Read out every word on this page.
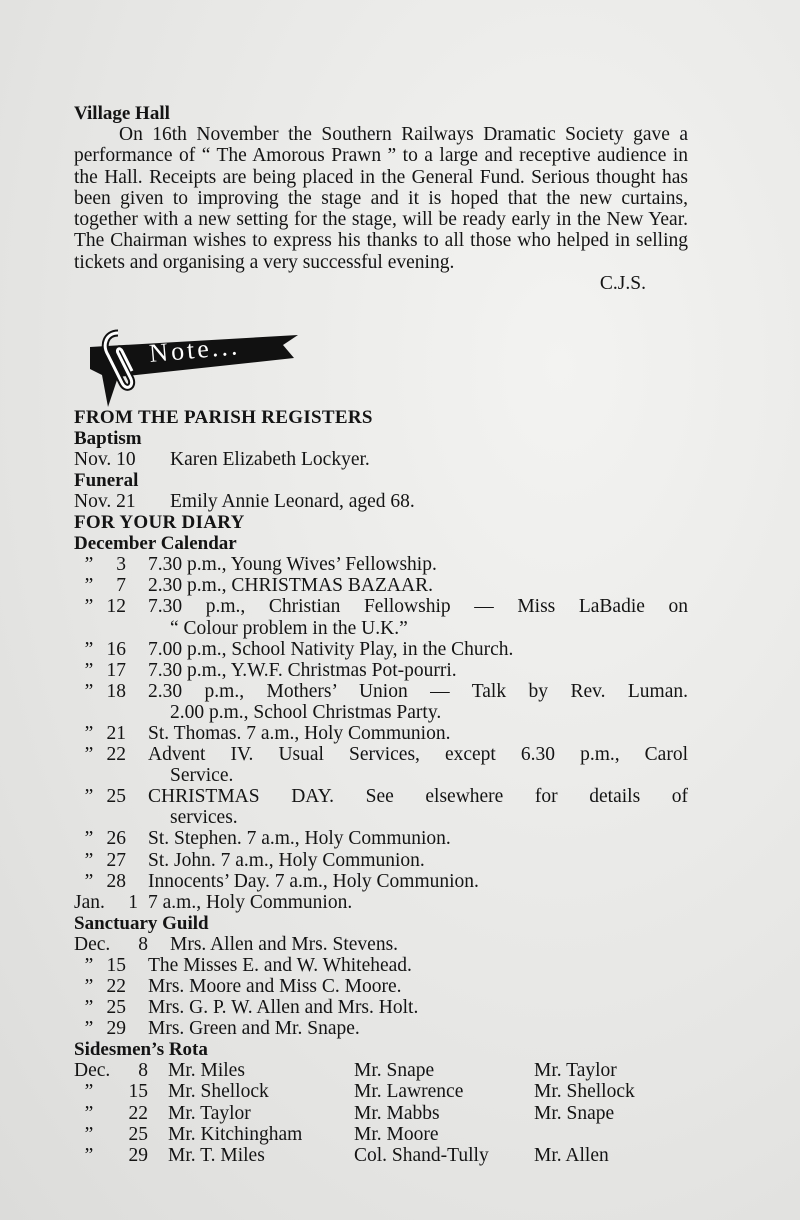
Note...
Village Hall

On 16th November the Southern Railways Dramatic Society gave a performance of “ The Amorous Prawn ” to a large and receptive audience in the Hall. Receipts are being placed in the General Fund. Serious thought has been given to improving the stage and it is hoped that the new curtains, together with a new setting for the stage, will be ready early in the New Year. The Chairman wishes to express his thanks to all those who helped in selling tickets and organising a very successful evening.

C.J.S.

FROM THE PARISH REGISTERS
Baptism
Nov. 10	Karen Elizabeth Lockyer.
Funeral
Nov. 21	Emily Annie Leonard, aged 68.
FOR YOUR DIARY
December Calendar
”	3	7.30 p.m., Young Wives’ Fellowship.
”	7	2.30 p.m., CHRISTMAS BAZAAR.
” 12	7.30 p.m., Christian Fellowship — Miss LaBadie on
“ Colour problem in the U.K.”
” 16	7.00 p.m., School Nativity Play, in the Church.
” 17	7.30 p.m., Y.W.F. Christmas Pot-pourri.
” 18	2.30 p.m., Mothers’ Union — Talk by Rev. Luman.
2.00 p.m., School Christmas Party.
” 21	St. Thomas. 7 a.m., Holy Communion.
” 22	Advent IV. Usual Services, except 6.30 p.m., Carol
Service.
” 25	CHRISTMAS DAY. See elsewhere for details of
services.
” 26	St. Stephen. 7 a.m., Holy Communion.
” 27	St. John. 7 a.m., Holy Communion.
” 28	Innocents’ Day. 7 a.m., Holy Communion.
Jan.	1 7 a.m., Holy Communion.
Sanctuary Guild
Dec.	8 Mrs. Allen and Mrs. Stevens.
” 15	The Misses E. and W. Whitehead.
” 22	Mrs. Moore and Miss C. Moore.
” 25	Mrs. G. P. W. Allen and Mrs. Holt.
” 29	Mrs. Green and Mr. Snape.
Sidesmen’s Rota
Dec.	8	Mr. Miles	Mr. Snape	Mr. Taylor
”	15	Mr. Shellock	Mr. Lawrence	Mr. Shellock
”	22	Mr. Taylor	Mr. Mabbs	Mr. Snape
”	25	Mr. Kitchingham	Mr. Moore
”	29	Mr. T. Miles	Col. Shand-Tully	Mr. Allen
